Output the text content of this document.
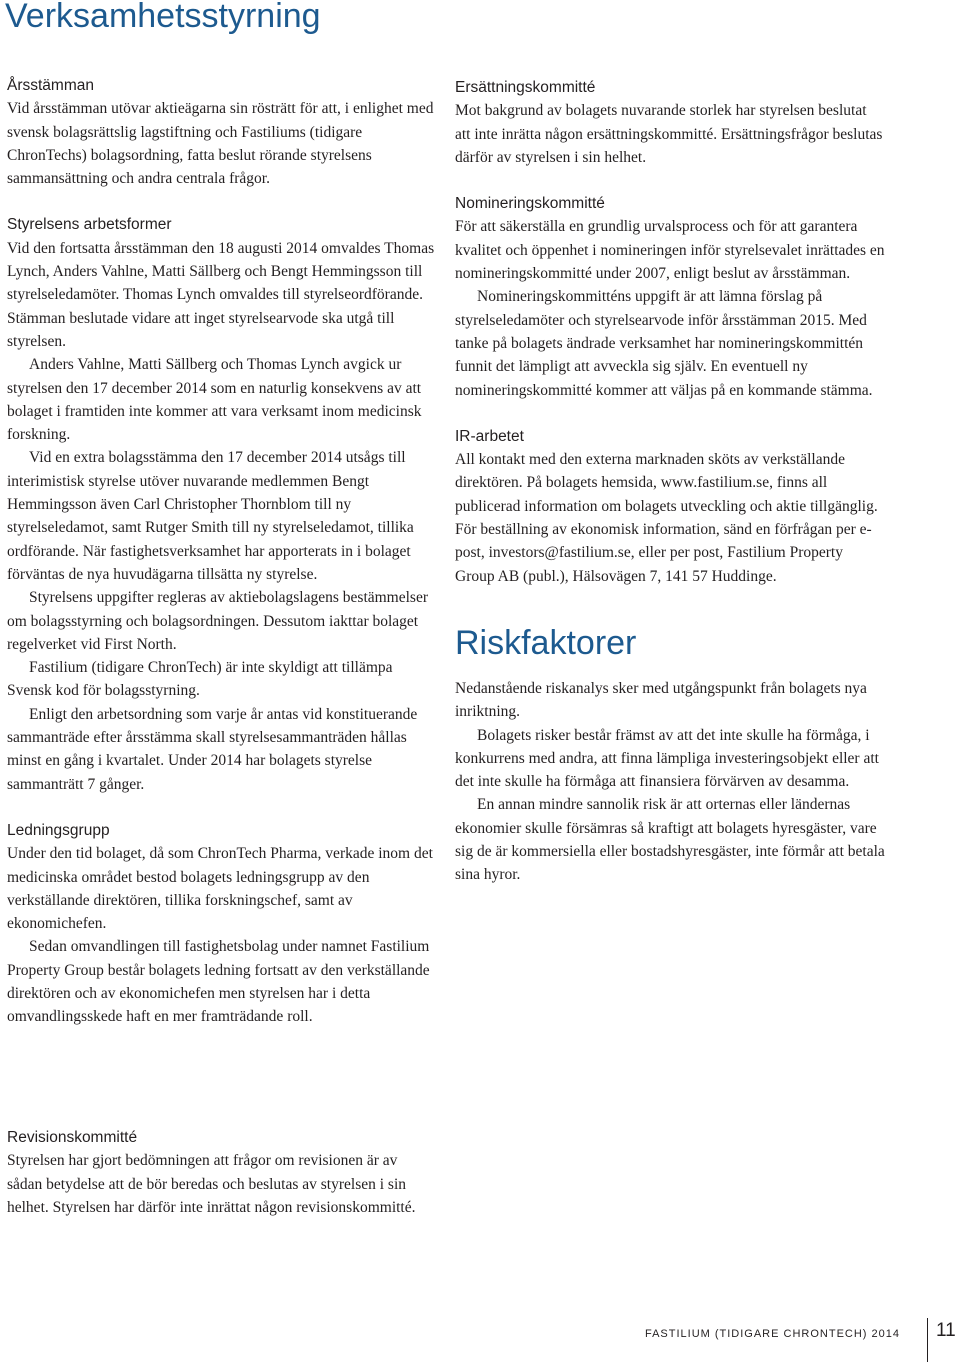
Verksamhetsstyrning
Årsstämman

Vid årsstämman utövar aktieägarna sin rösträtt för att, i enlighet med svensk bolagsrättslig lagstiftning och Fastiliums (tidigare ChronTechs) bolagsordning, fatta beslut rörande styrelsens sammansättning och andra centrala frågor.

Styrelsens arbetsformer

Vid den fortsatta årsstämman den 18 augusti 2014 omvaldes Thomas Lynch, Anders Vahlne, Matti Sällberg och Bengt Hemmingsson till styrelseledamöter. Thomas Lynch omvaldes till styrelseordförande. Stämman beslutade vidare att inget styrelsearvode ska utgå till styrelsen.

Anders Vahlne, Matti Sällberg och Thomas Lynch avgick ur styrelsen den 17 december 2014 som en naturlig konsekvens av att bolaget i framtiden inte kommer att vara verksamt inom medicinsk forskning.

Vid en extra bolagsstämma den 17 december 2014 utsågs till interimistisk styrelse utöver nuvarande medlemmen Bengt Hemmingsson även Carl Christopher Thornblom till ny styrelseledamot, samt Rutger Smith till ny styrelseledamot, tillika ordförande. När fastighetsverksamhet har apporterats in i bolaget förväntas de nya huvudägarna tillsätta ny styrelse.

Styrelsens uppgifter regleras av aktiebolagslagens bestämmelser om bolagsstyrning och bolagsordningen. Dessutom iakttar bolaget regelverket vid First North.

Fastilium (tidigare ChronTech) är inte skyldigt att tillämpa Svensk kod för bolagsstyrning.

Enligt den arbetsordning som varje år antas vid konstituerande sammanträde efter årsstämma skall styrelsesammanträden hållas minst en gång i kvartalet. Under 2014 har bolagets styrelse sammanträtt 7 gånger.

Ledningsgrupp

Under den tid bolaget, då som ChronTech Pharma, verkade inom det medicinska området bestod bolagets ledningsgrupp av den verkställande direktören, tillika forskningschef, samt av ekonomichefen.

Sedan omvandlingen till fastighetsbolag under namnet Fastilium Property Group består bolagets ledning fortsatt av den verkställande direktören och av ekonomichefen men styrelsen har i detta omvandlingsskede haft en mer framträdande roll.

Revisionskommitté

Styrelsen har gjort bedömningen att frågor om revisionen är av sådan betydelse att de bör beredas och beslutas av styrelsen i sin helhet. Styrelsen har därför inte inrättat någon revisionskommitté.

Ersättningskommitté

Mot bakgrund av bolagets nuvarande storlek har styrelsen beslutat att inte inrätta någon ersättningskommitté. Ersättningsfrågor beslutas därför av styrelsen i sin helhet.

Nomineringskommitté

För att säkerställa en grundlig urvalsprocess och för att garantera kvalitet och öppenhet i nomineringen inför styrelsevalet inrättades en nomineringskommitté under 2007, enligt beslut av årsstämman.

Nomineringskommitténs uppgift är att lämna förslag på styrelseledamöter och styrelsearvode inför årsstämman 2015. Med tanke på bolagets ändrade verksamhet har nomineringskommittén funnit det lämpligt att avveckla sig själv. En eventuell ny nomineringskommitté kommer att väljas på en kommande stämma.

IR-arbetet

All kontakt med den externa marknaden sköts av verkställande direktören. På bolagets hemsida, www.fastilium.se, finns all publicerad information om bolagets utveckling och aktie tillgänglig. För beställning av ekonomisk information, sänd en förfrågan per e-post, investors@fastilium.se, eller per post, Fastilium Property Group AB (publ.), Hälsovägen 7, 141 57 Huddinge.

Riskfaktorer

Nedanstående riskanalys sker med utgångspunkt från bolagets nya inriktning.

Bolagets risker består främst av att det inte skulle ha förmåga, i konkurrens med andra, att finna lämpliga investeringsobjekt eller att det inte skulle ha förmåga att finansiera förvärven av desamma.

En annan mindre sannolik risk är att orternas eller ländernas ekonomier skulle försämras så kraftigt att bolagets hyresgäster, vare sig de är kommersiella eller bostadshyresgäster, inte förmår att betala sina hyror.

FASTILIUM (TIDIGARE CHRONTECH) 2014 11
